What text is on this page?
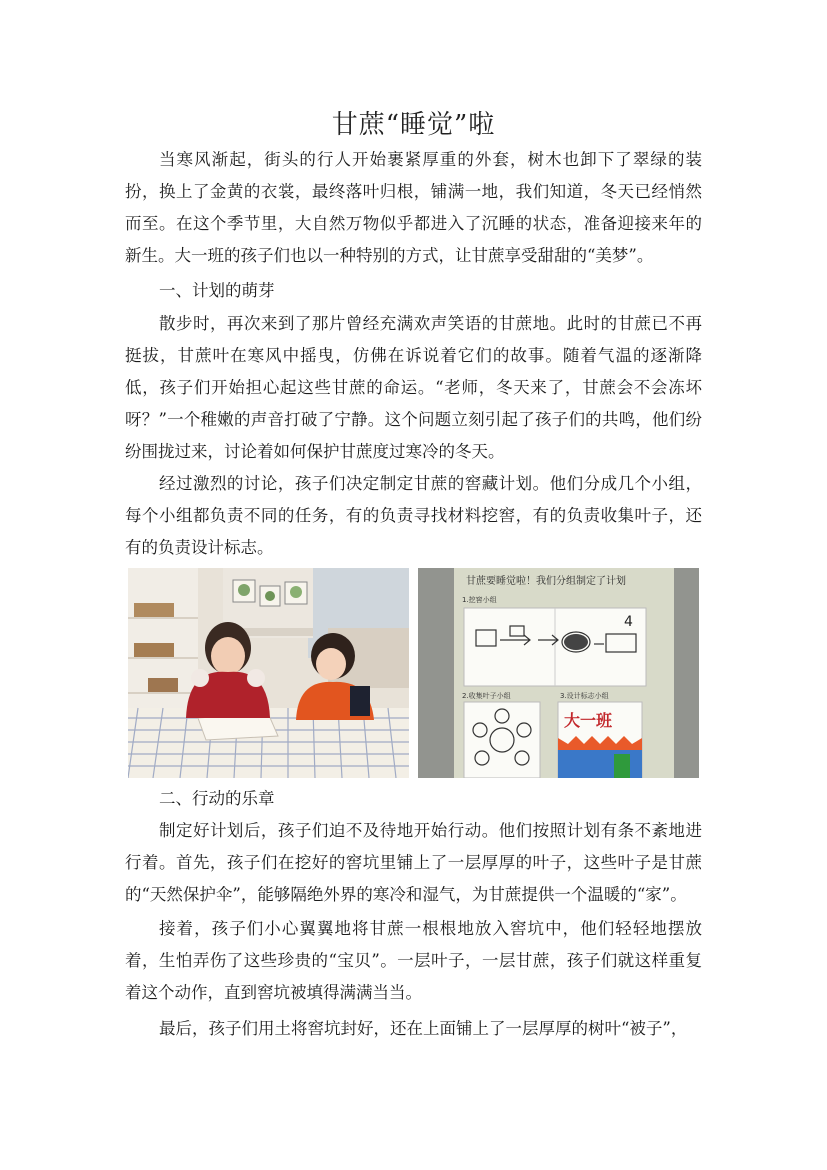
甘蔗“睡觉”啦

当寒风渐起，街头的行人开始裹紧厚重的外套，树木也卸下了翠绿的装扮，换上了金黄的衣裳，最终落叶归根，铺满一地，我们知道，冬天已经悄然而至。在这个季节里，大自然万物似乎都进入了沉睡的状态，准备迎接来年的新生。大一班的孩子们也以一种特别的方式，让甘蔗享受甜甜的“美梦”。

一、计划的萌芽

散步时，再次来到了那片曾经充满欢声笑语的甘蔗地。此时的甘蔗已不再挺拔，甘蔗叶在寒风中摇曳，仿佛在诉说着它们的故事。随着气温的逐渐降低，孩子们开始担心起这些甘蔗的命运。“老师，冬天来了，甘蔗会不会冻坏呀？”一个稚嫩的声音打破了宁静。这个问题立刻引起了孩子们的共鸣，他们纷纷围拢过来，讨论着如何保护甘蔗度过寒冷的冬天。

经过激烈的讨论，孩子们决定制定甘蔗的窖藏计划。他们分成几个小组，每个小组都负责不同的任务，有的负责寻找材料挖窖，有的负责收集叶子，还有的负责设计标志。

甘蔗要睡觉啦！我们分组制定了计划
1.挖窖小组
4
2.收集叶子小组	3.设计标志小组
大一班
二、行动的乐章

制定好计划后，孩子们迫不及待地开始行动。他们按照计划有条不紊地进行着。首先，孩子们在挖好的窖坑里铺上了一层厚厚的叶子，这些叶子是甘蔗的“天然保护伞”，能够隔绝外界的寒冷和湿气，为甘蔗提供一个温暖的“家”。

接着，孩子们小心翼翼地将甘蔗一根根地放入窖坑中，他们轻轻地摆放着，生怕弄伤了这些珍贵的“宝贝”。一层叶子，一层甘蔗，孩子们就这样重复着这个动作，直到窖坑被填得满满当当。

最后，孩子们用土将窖坑封好，还在上面铺上了一层厚厚的树叶“被子”，
